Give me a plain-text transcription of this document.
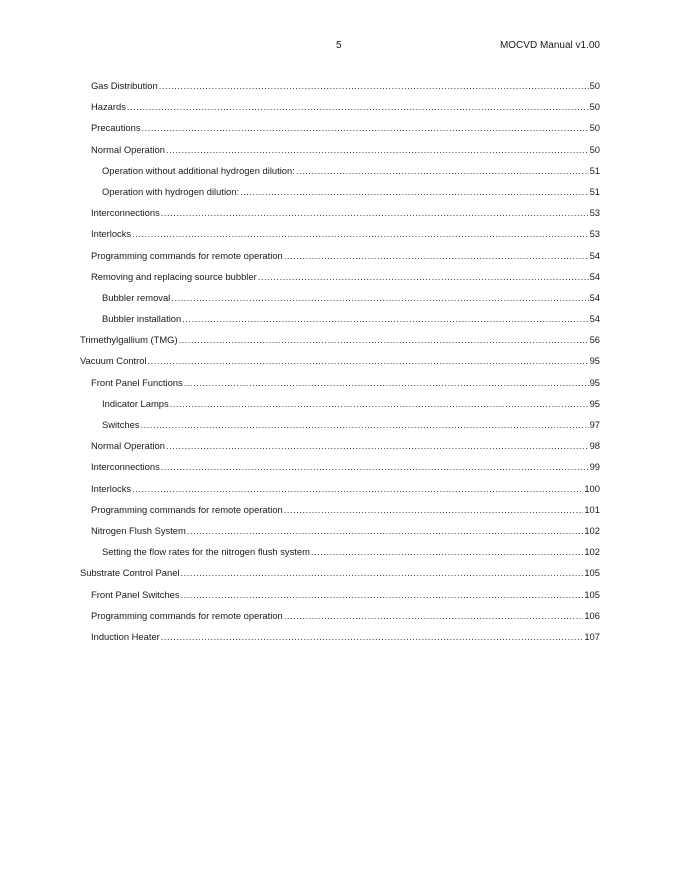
5	MOCVD Manual v1.00
Gas Distribution .....	50
Hazards .....	50
Precautions .....	50
Normal Operation .....	50
Operation without additional hydrogen dilution: .....	51
Operation with hydrogen dilution: .....	51
Interconnections .....	53
Interlocks .....	53
Programming commands for remote operation .....	54
Removing and replacing source bubbler .....	54
Bubbler removal .....	54
Bubbler installation .....	54
Trimethylgallium (TMG) .....	56
Vacuum Control .....	95
Front Panel Functions .....	95
Indicator Lamps .....	95
Switches .....	97
Normal Operation .....	98
Interconnections .....	99
Interlocks .....	100
Programming commands for remote operation .....	101
Nitrogen Flush System .....	102
Setting the flow rates for the nitrogen flush system .....	102
Substrate Control Panel .....	105
Front Panel Switches .....	105
Programming commands for remote operation .....	106
Induction Heater .....	107
